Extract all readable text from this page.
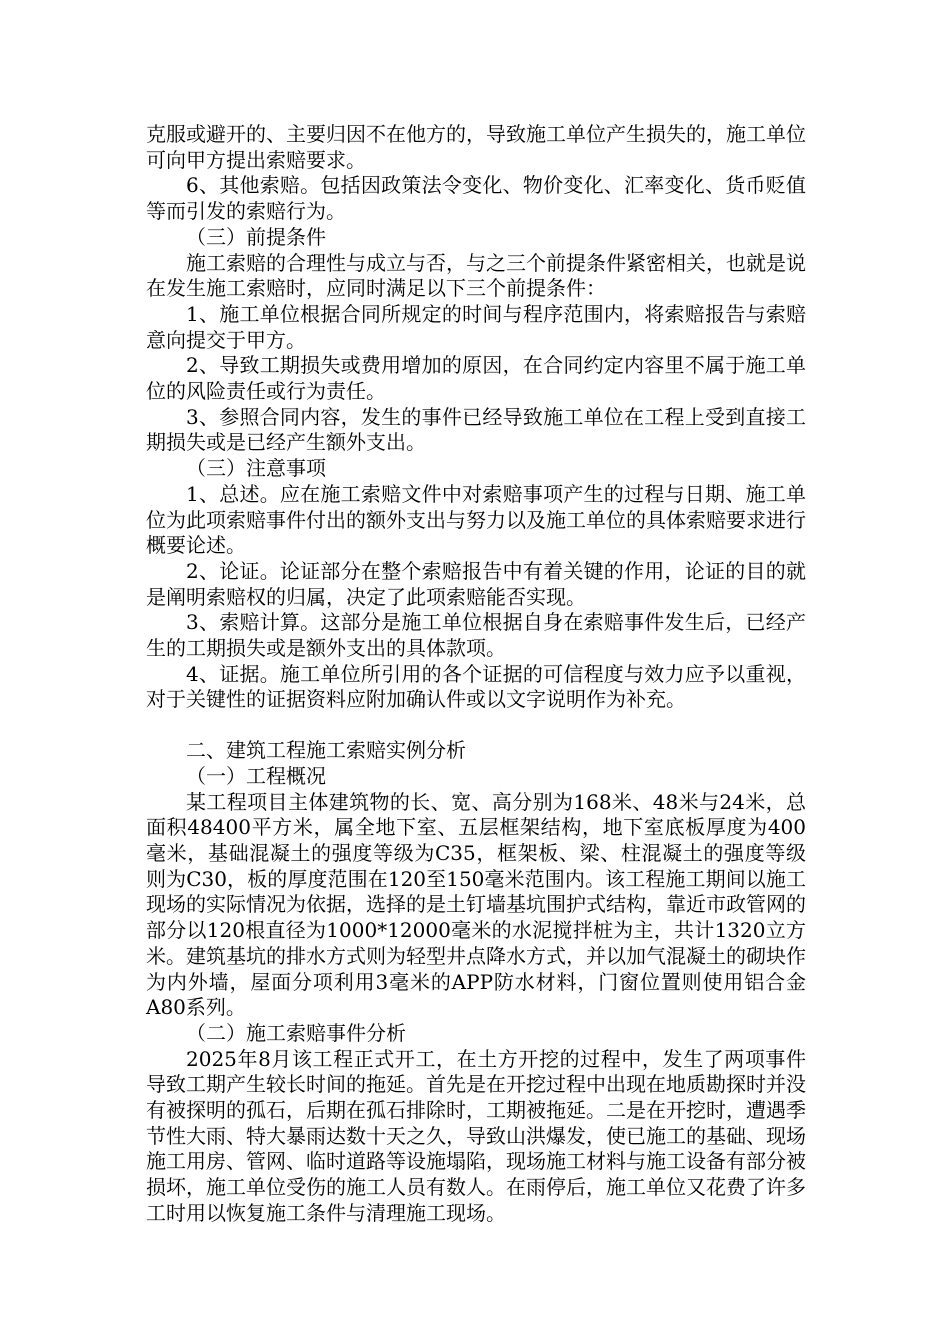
克服或避开的、主要归因不在他方的，导致施工单位产生损失的，施工单位可向甲方提出索赔要求。

6、其他索赔。包括因政策法令变化、物价变化、汇率变化、货币贬值等而引发的索赔行为。

（三）前提条件

施工索赔的合理性与成立与否，与之三个前提条件紧密相关，也就是说在发生施工索赔时，应同时满足以下三个前提条件：

1、施工单位根据合同所规定的时间与程序范围内，将索赔报告与索赔意向提交于甲方。

2、导致工期损失或费用增加的原因，在合同约定内容里不属于施工单位的风险责任或行为责任。

3、参照合同内容，发生的事件已经导致施工单位在工程上受到直接工期损失或是已经产生额外支出。

（三）注意事项

1、总述。应在施工索赔文件中对索赔事项产生的过程与日期、施工单位为此项索赔事件付出的额外支出与努力以及施工单位的具体索赔要求进行概要论述。

2、论证。论证部分在整个索赔报告中有着关键的作用，论证的目的就是阐明索赔权的归属，决定了此项索赔能否实现。

3、索赔计算。这部分是施工单位根据自身在索赔事件发生后，已经产生的工期损失或是额外支出的具体款项。

4、证据。施工单位所引用的各个证据的可信程度与效力应予以重视，对于关键性的证据资料应附加确认件或以文字说明作为补充。

二、建筑工程施工索赔实例分析

（一）工程概况

某工程项目主体建筑物的长、宽、高分别为168米、48米与24米，总面积48400平方米，属全地下室、五层框架结构，地下室底板厚度为400毫米，基础混凝土的强度等级为C35，框架板、梁、柱混凝土的强度等级则为C30，板的厚度范围在120至150毫米范围内。该工程施工期间以施工现场的实际情况为依据，选择的是土钉墙基坑围护式结构，靠近市政管网的部分以120根直径为1000*12000毫米的水泥搅拌桩为主，共计1320立方米。建筑基坑的排水方式则为轻型井点降水方式，并以加气混凝土的砌块作为内外墙，屋面分项利用3毫米的APP防水材料，门窗位置则使用铝合金A80系列。

（二）施工索赔事件分析

2025年8月该工程正式开工，在土方开挖的过程中，发生了两项事件导致工期产生较长时间的拖延。首先是在开挖过程中出现在地质勘探时并没有被探明的孤石，后期在孤石排除时，工期被拖延。二是在开挖时，遭遇季节性大雨、特大暴雨达数十天之久，导致山洪爆发，使已施工的基础、现场施工用房、管网、临时道路等设施塌陷，现场施工材料与施工设备有部分被损坏，施工单位受伤的施工人员有数人。在雨停后，施工单位又花费了许多工时用以恢复施工条件与清理施工现场。
